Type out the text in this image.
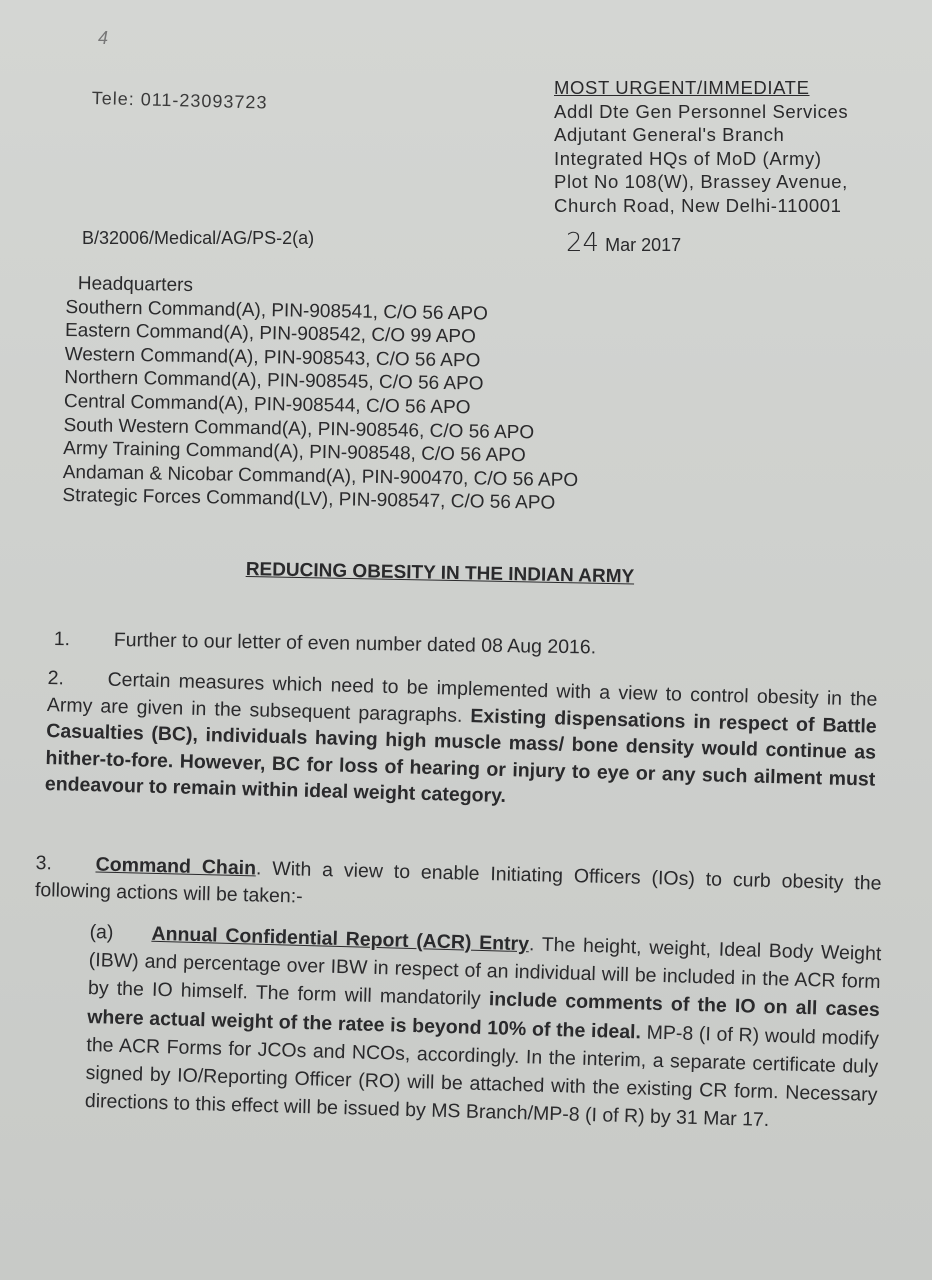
4
Tele: 011-23093723
MOST URGENT/IMMEDIATE
Addl Dte Gen Personnel Services
Adjutant General's Branch
Integrated HQs of MoD (Army)
Plot No 108(W), Brassey Avenue,
Church Road, New Delhi-110001
B/32006/Medical/AG/PS-2(a)	24 Mar 2017
Headquarters
Southern Command(A), PIN-908541, C/O 56 APO
Eastern Command(A), PIN-908542, C/O 99 APO
Western Command(A), PIN-908543, C/O 56 APO
Northern Command(A), PIN-908545, C/O 56 APO
Central Command(A), PIN-908544, C/O 56 APO
South Western Command(A), PIN-908546, C/O 56 APO
Army Training Command(A), PIN-908548, C/O 56 APO
Andaman & Nicobar Command(A), PIN-900470, C/O 56 APO
Strategic Forces Command(LV), PIN-908547, C/O 56 APO
REDUCING OBESITY IN THE INDIAN ARMY
1. Further to our letter of even number dated 08 Aug 2016.
2. Certain measures which need to be implemented with a view to control obesity in the Army are given in the subsequent paragraphs. Existing dispensations in respect of Battle Casualties (BC), individuals having high muscle mass/ bone density would continue as hither-to-fore. However, BC for loss of hearing or injury to eye or any such ailment must endeavour to remain within ideal weight category.
3. Command Chain. With a view to enable Initiating Officers (IOs) to curb obesity the following actions will be taken:-
(a) Annual Confidential Report (ACR) Entry. The height, weight, Ideal Body Weight (IBW) and percentage over IBW in respect of an individual will be included in the ACR form by the IO himself. The form will mandatorily include comments of the IO on all cases where actual weight of the ratee is beyond 10% of the ideal. MP-8 (I of R) would modify the ACR Forms for JCOs and NCOs, accordingly. In the interim, a separate certificate duly signed by IO/Reporting Officer (RO) will be attached with the existing CR form. Necessary directions to this effect will be issued by MS Branch/MP-8 (I of R) by 31 Mar 17.
